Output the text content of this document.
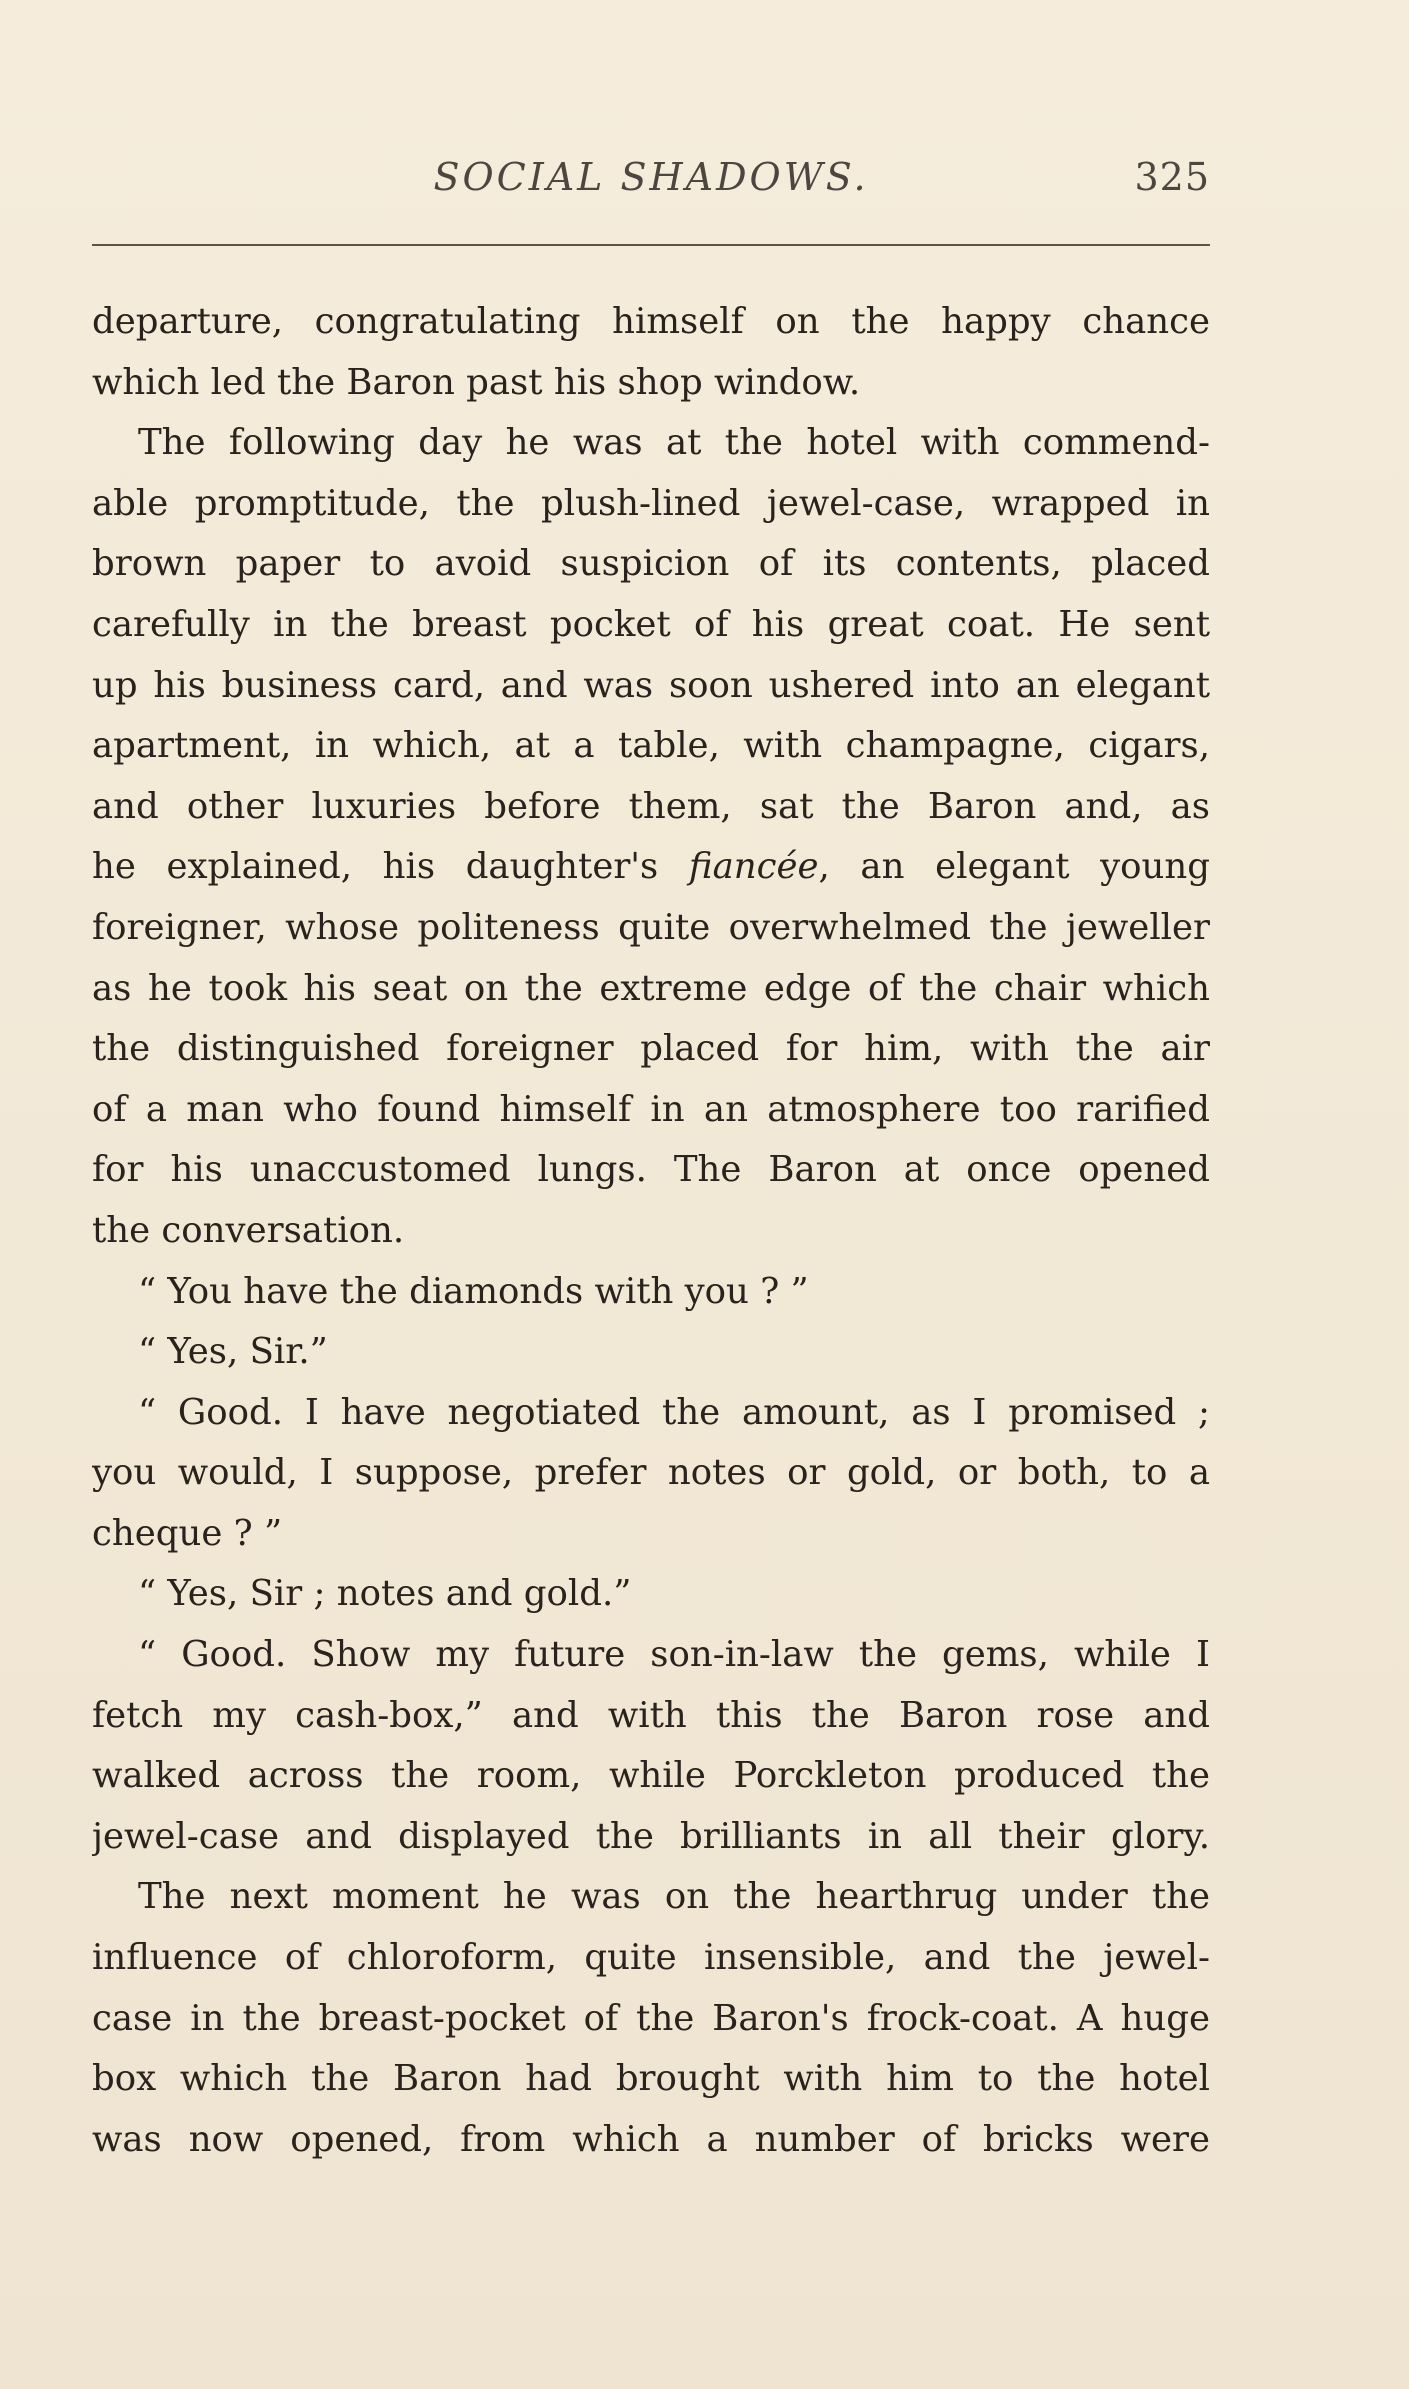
SOCIAL SHADOWS.	325
departure, congratulating himself on the happy chance
which led the Baron past his shop window.
The following day he was at the hotel with commend-
able promptitude, the plush-lined jewel-case, wrapped in
brown paper to avoid suspicion of its contents, placed
carefully in the breast pocket of his great coat. He sent
up his business card, and was soon ushered into an elegant
apartment, in which, at a table, with champagne, cigars,
and other luxuries before them, sat the Baron and, as
he explained, his daughter's fiancée, an elegant young
foreigner, whose politeness quite overwhelmed the jeweller
as he took his seat on the extreme edge of the chair which
the distinguished foreigner placed for him, with the air
of a man who found himself in an atmosphere too rarified
for his unaccustomed lungs. The Baron at once opened
the conversation.
“ You have the diamonds with you ? ”
“ Yes, Sir.”
“ Good. I have negotiated the amount, as I promised ;
you would, I suppose, prefer notes or gold, or both, to a
cheque ? ”
“ Yes, Sir ; notes and gold.”
“ Good. Show my future son-in-law the gems, while I
fetch my cash-box,” and with this the Baron rose and
walked across the room, while Porckleton produced the
jewel-case and displayed the brilliants in all their glory.
The next moment he was on the hearthrug under the
influence of chloroform, quite insensible, and the jewel-
case in the breast-pocket of the Baron's frock-coat. A huge
box which the Baron had brought with him to the hotel
was now opened, from which a number of bricks were
